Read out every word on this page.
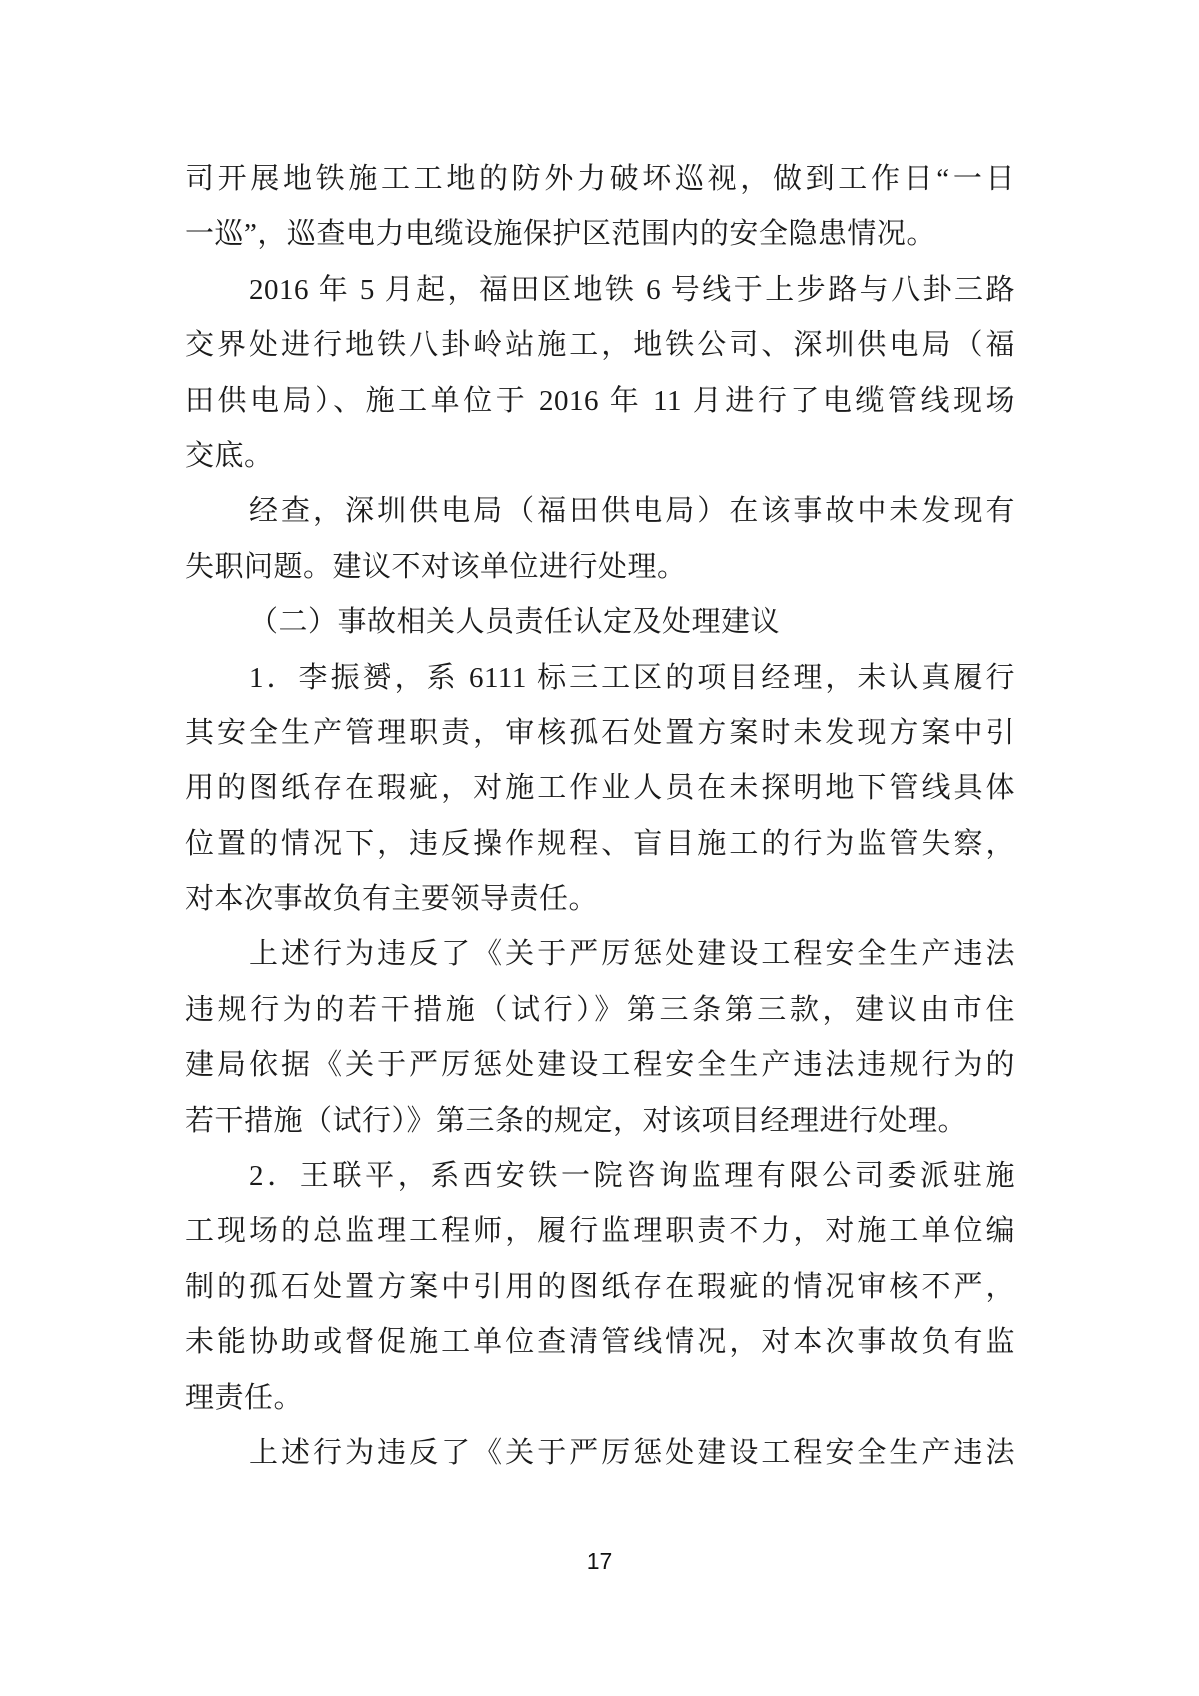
司开展地铁施工工地的防外力破坏巡视，做到工作日“一日
一巡”，巡查电力电缆设施保护区范围内的安全隐患情况。

2016 年 5 月起，福田区地铁 6 号线于上步路与八卦三路
交界处进行地铁八卦岭站施工，地铁公司、深圳供电局（福
田供电局）、施工单位于 2016 年 11 月进行了电缆管线现场
交底。

经查，深圳供电局（福田供电局）在该事故中未发现有
失职问题。建议不对该单位进行处理。

（二）事故相关人员责任认定及处理建议

1．李振赟，系 6111 标三工区的项目经理，未认真履行
其安全生产管理职责，审核孤石处置方案时未发现方案中引
用的图纸存在瑕疵，对施工作业人员在未探明地下管线具体
位置的情况下，违反操作规程、盲目施工的行为监管失察，
对本次事故负有主要领导责任。

上述行为违反了《关于严厉惩处建设工程安全生产违法
违规行为的若干措施（试行）》第三条第三款，建议由市住
建局依据《关于严厉惩处建设工程安全生产违法违规行为的
若干措施（试行）》第三条的规定，对该项目经理进行处理。

2．王联平，系西安铁一院咨询监理有限公司委派驻施
工现场的总监理工程师，履行监理职责不力，对施工单位编
制的孤石处置方案中引用的图纸存在瑕疵的情况审核不严，
未能协助或督促施工单位查清管线情况，对本次事故负有监
理责任。

上述行为违反了《关于严厉惩处建设工程安全生产违法

17
